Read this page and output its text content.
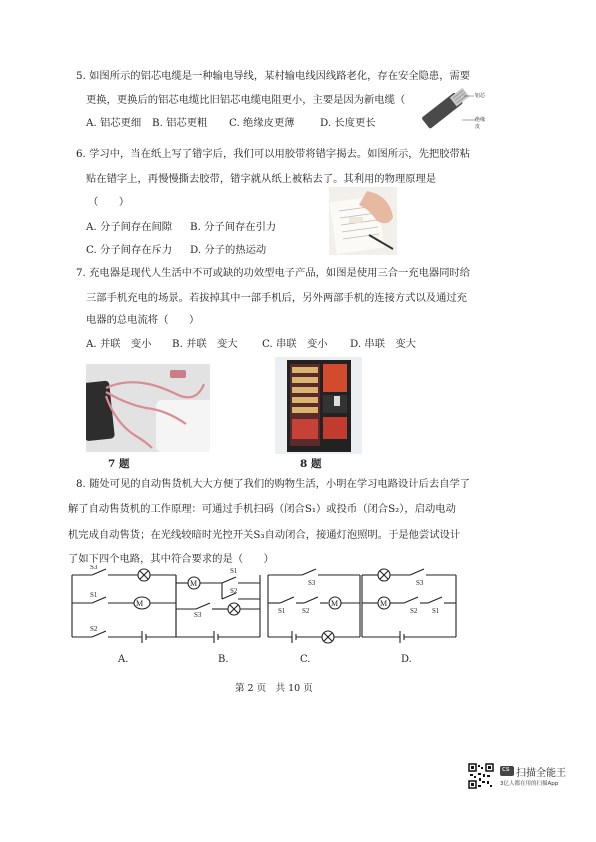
5. 如图所示的铝芯电缆是一种输电导线，某村输电线因线路老化，存在安全隐患，需要
更换，更换后的铝芯电缆比旧铝芯电缆电阻更小，主要是因为新电缆（
A. 铝芯更细 B. 铝芯更粗 C. 绝缘皮更薄 D. 长度更长
铝芯
绝缘皮
6. 学习中，当在纸上写了错字后，我们可以用胶带将错字揭去。如图所示，先把胶带粘
贴在错字上，再慢慢撕去胶带，错字就从纸上被粘去了。其利用的物理原理是
（　　）
A. 分子间存在间隙 B. 分子间存在引力
C. 分子间存在斥力 D. 分子的热运动
7. 充电器是现代人生活中不可或缺的功效型电子产品，如图是使用三合一充电器同时给
三部手机充电的场景。若拔掉其中一部手机后，另外两部手机的连接方式以及通过充
电器的总电流将（　　）
A. 并联　变小 B. 并联　变大 C. 串联　变小 D. 串联　变大
7 题	8 题
8. 随处可见的自动售货机大大方便了我们的购物生活，小明在学习电路设计后去自学了
解了自动售货机的工作原理：可通过手机扫码（闭合S₁）或投币（闭合S₂），启动电动
机完成自动售货；在光线较暗时光控开关S₃自动闭合，接通灯泡照明。于是他尝试设计
了如下四个电路，其中符合要求的是（　　）
M
M
M	M
S3
S1
S2
S1
S2
S3
S3
S1 S2
S3
S2 S1
A.	B.	C.	D.
第 2 页　共 10 页
cs 扫描全能王
3亿人都在用的扫描App
